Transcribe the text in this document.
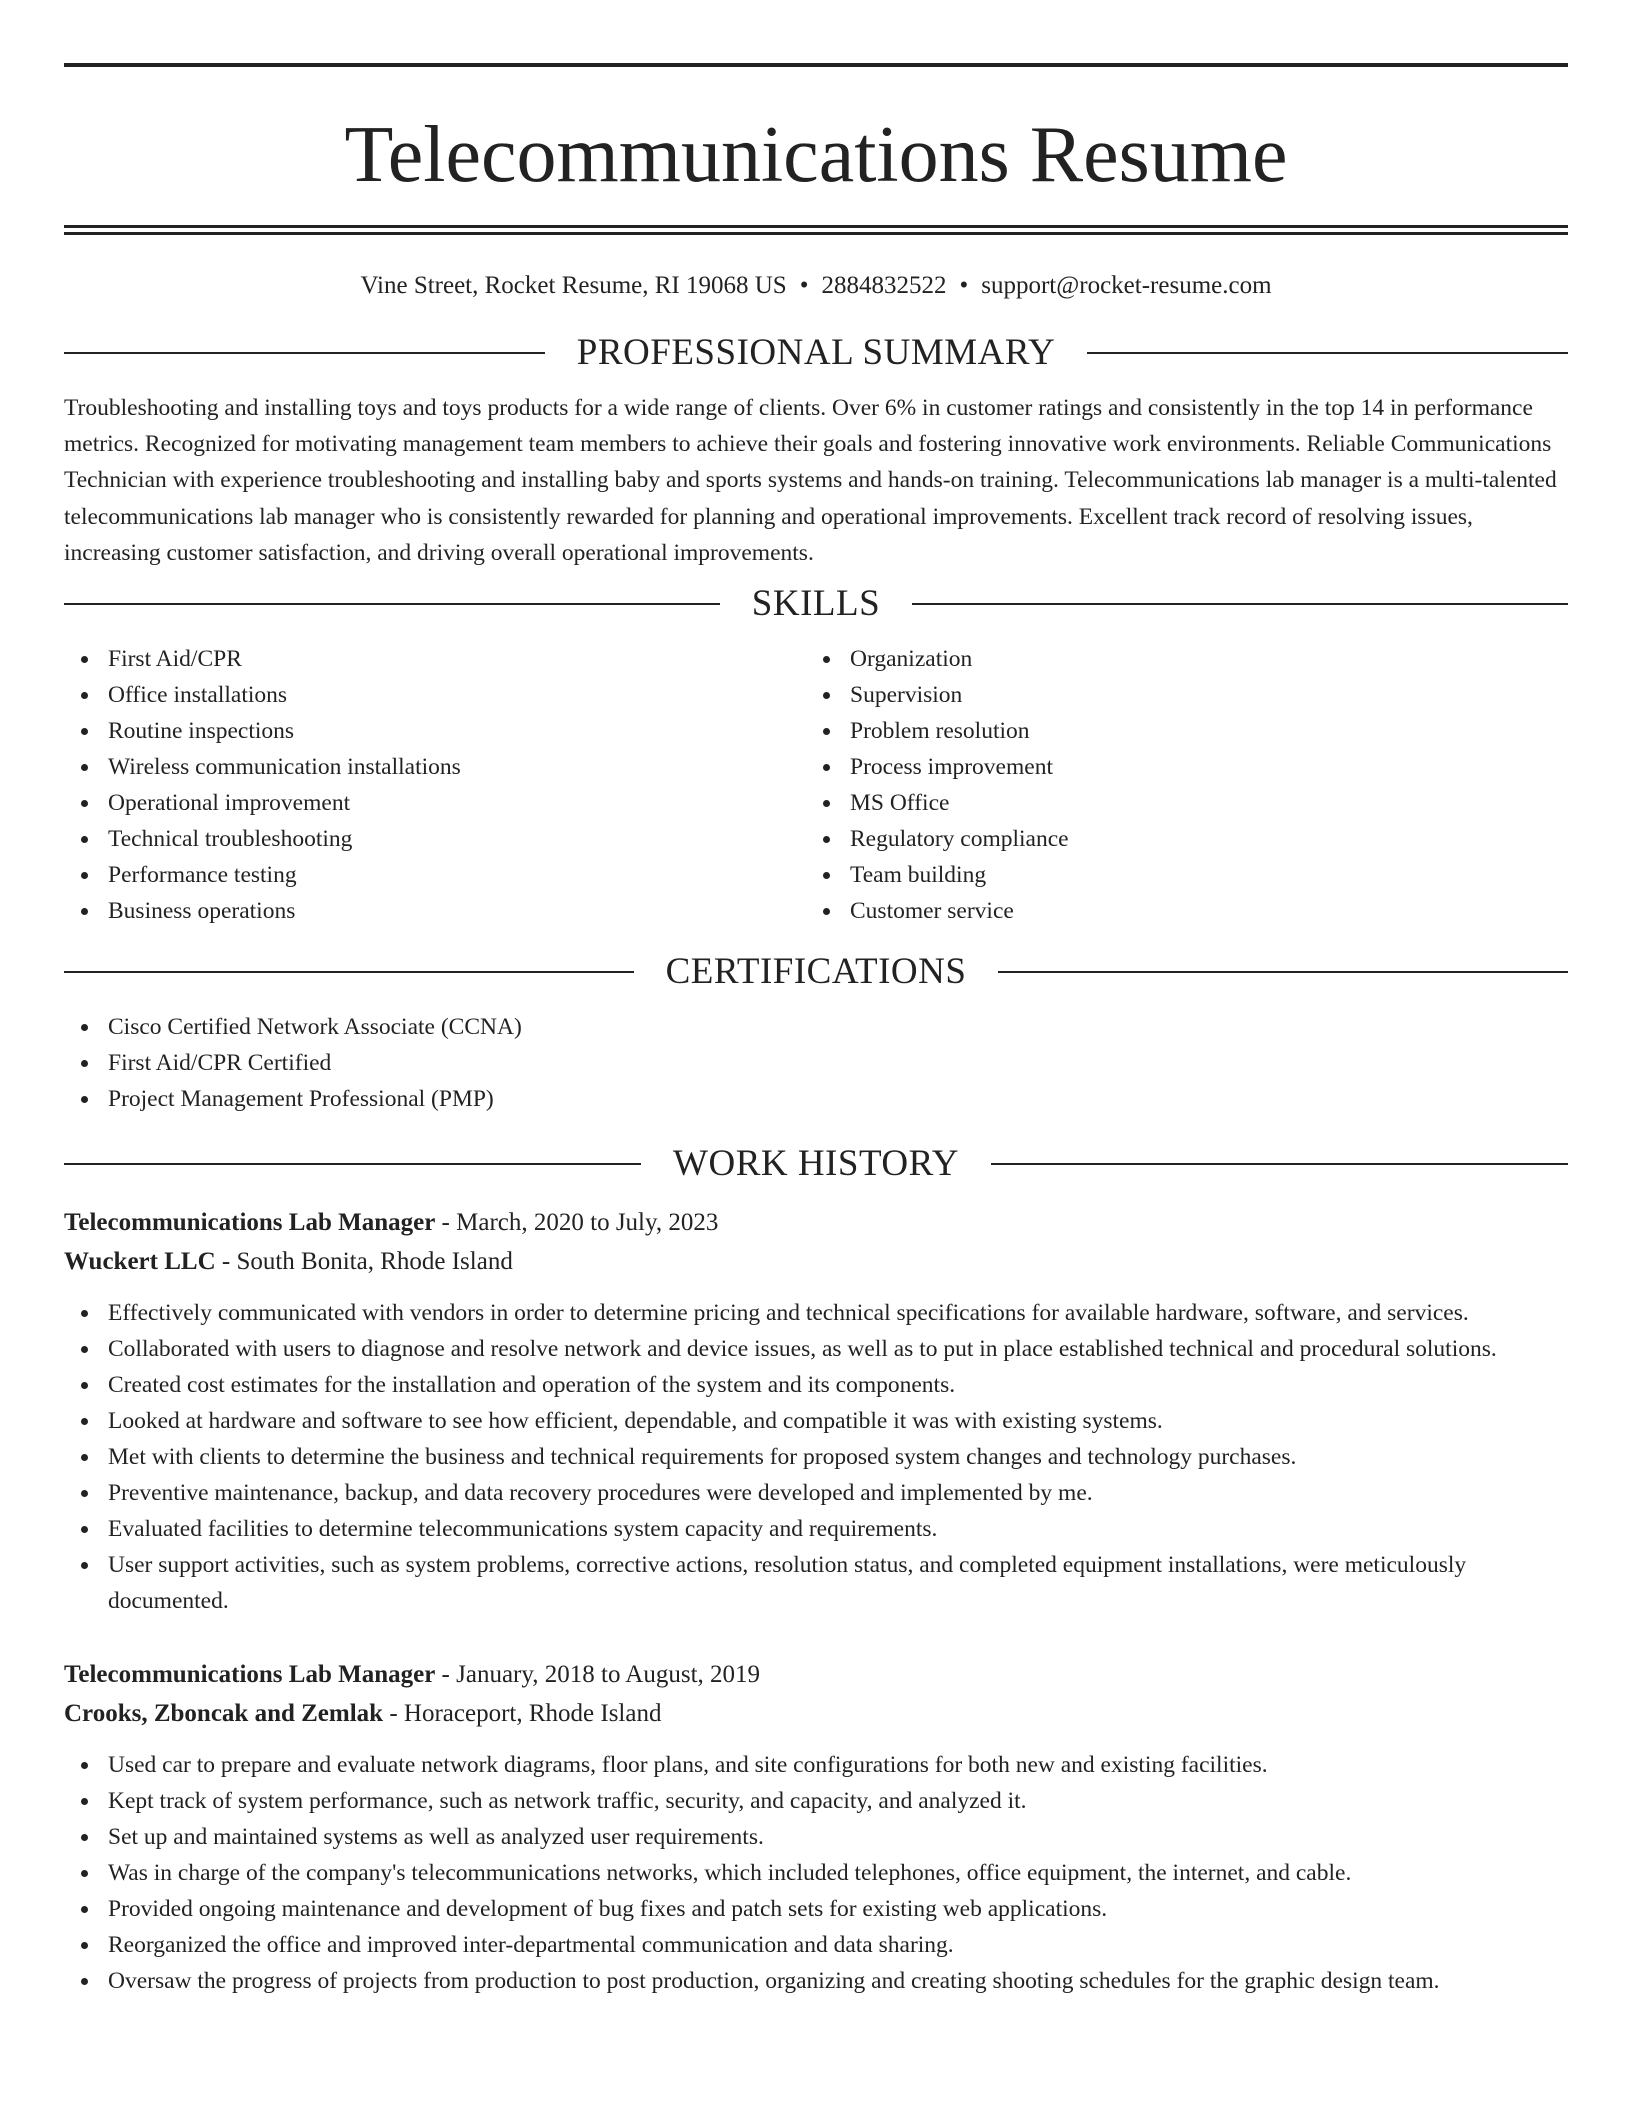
Telecommunications Resume
Vine Street, Rocket Resume, RI 19068 US • 2884832522 • support@rocket-resume.com
PROFESSIONAL SUMMARY

Troubleshooting and installing toys and toys products for a wide range of clients. Over 6% in customer ratings and consistently in the top 14 in performance metrics. Recognized for motivating management team members to achieve their goals and fostering innovative work environments. Reliable Communications Technician with experience troubleshooting and installing baby and sports systems and hands-on training. Telecommunications lab manager is a multi-talented telecommunications lab manager who is consistently rewarded for planning and operational improvements. Excellent track record of resolving issues, increasing customer satisfaction, and driving overall operational improvements.

SKILLS
First Aid/CPR
Office installations
Routine inspections
Wireless communication installations
Operational improvement
Technical troubleshooting
Performance testing
Business operations
Organization
Supervision
Problem resolution
Process improvement
MS Office
Regulatory compliance
Team building
Customer service
CERTIFICATIONS
Cisco Certified Network Associate (CCNA)
First Aid/CPR Certified
Project Management Professional (PMP)
WORK HISTORY
Telecommunications Lab Manager - March, 2020 to July, 2023
Wuckert LLC - South Bonita, Rhode Island
Effectively communicated with vendors in order to determine pricing and technical specifications for available hardware, software, and services.
Collaborated with users to diagnose and resolve network and device issues, as well as to put in place established technical and procedural solutions.
Created cost estimates for the installation and operation of the system and its components.
Looked at hardware and software to see how efficient, dependable, and compatible it was with existing systems.
Met with clients to determine the business and technical requirements for proposed system changes and technology purchases.
Preventive maintenance, backup, and data recovery procedures were developed and implemented by me.
Evaluated facilities to determine telecommunications system capacity and requirements.
User support activities, such as system problems, corrective actions, resolution status, and completed equipment installations, were meticulously documented.
Telecommunications Lab Manager - January, 2018 to August, 2019
Crooks, Zboncak and Zemlak - Horaceport, Rhode Island
Used car to prepare and evaluate network diagrams, floor plans, and site configurations for both new and existing facilities.
Kept track of system performance, such as network traffic, security, and capacity, and analyzed it.
Set up and maintained systems as well as analyzed user requirements.
Was in charge of the company's telecommunications networks, which included telephones, office equipment, the internet, and cable.
Provided ongoing maintenance and development of bug fixes and patch sets for existing web applications.
Reorganized the office and improved inter-departmental communication and data sharing.
Oversaw the progress of projects from production to post production, organizing and creating shooting schedules for the graphic design team.
